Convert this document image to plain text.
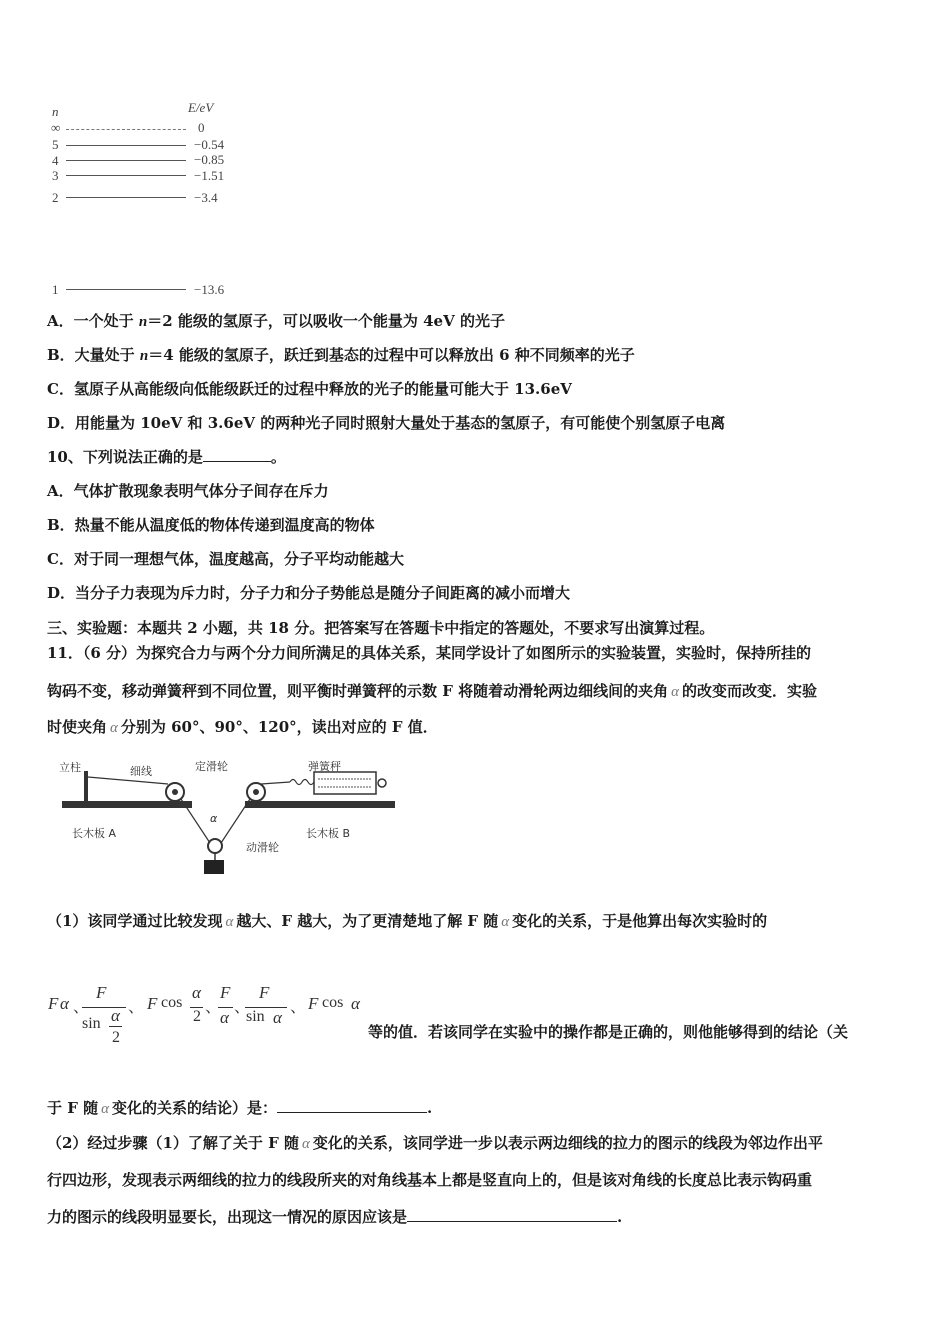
n	E/eV
∞	0
5	−0.54
4	−0.85
3	−1.51
2	−3.4
1	−13.6
A．一个处于 n＝2 能级的氢原子，可以吸收一个能量为 4eV 的光子
B．大量处于 n＝4 能级的氢原子，跃迁到基态的过程中可以释放出 6 种不同频率的光子
C．氢原子从高能级向低能级跃迁的过程中释放的光子的能量可能大于 13.6eV
D．用能量为 10eV 和 3.6eV 的两种光子同时照射大量处于基态的氢原子，有可能使个别氢原子电离
10、下列说法正确的是	。
A．气体扩散现象表明气体分子间存在斥力
B．热量不能从温度低的物体传递到温度高的物体
C．对于同一理想气体，温度越高，分子平均动能越大
D．当分子力表现为斥力时，分子力和分子势能总是随分子间距离的减小而增大
三、实验题：本题共 2 小题，共 18 分。把答案写在答题卡中指定的答题处，不要求写出演算过程。
11．（6 分）为探究合力与两个分力间所满足的具体关系，某同学设计了如图所示的实验装置，实验时，保持所挂的
钩码不变，移动弹簧秤到不同位置，则平衡时弹簧秤的示数 F 将随着动滑轮两边细线间的夹角 α 的改变而改变．实验
时使夹角 α 分别为 60°、90°、120°，读出对应的 F 值．
立柱	细线	定滑轮	弹簧秤
长木板 A	长木板 B
动滑轮
α
（1）该同学通过比较发现 α 越大、F 越大，为了更清楚地了解 F 随 α 变化的关系，于是他算出每次实验时的
F α 、
F
sin α
2
、 F cos
α
2
、
F
α
、
F
sin α
、 F cos α
等的值．若该同学在实验中的操作都是正确的，则他能够得到的结论（关
于 F 随 α 变化的关系的结论）是：	.
（2）经过步骤（1）了解了关于 F 随 α 变化的关系，该同学进一步以表示两边细线的拉力的图示的线段为邻边作出平
行四边形，发现表示两细线的拉力的线段所夹的对角线基本上都是竖直向上的，但是该对角线的长度总比表示钩码重
力的图示的线段明显要长，出现这一情况的原因应该是	.
